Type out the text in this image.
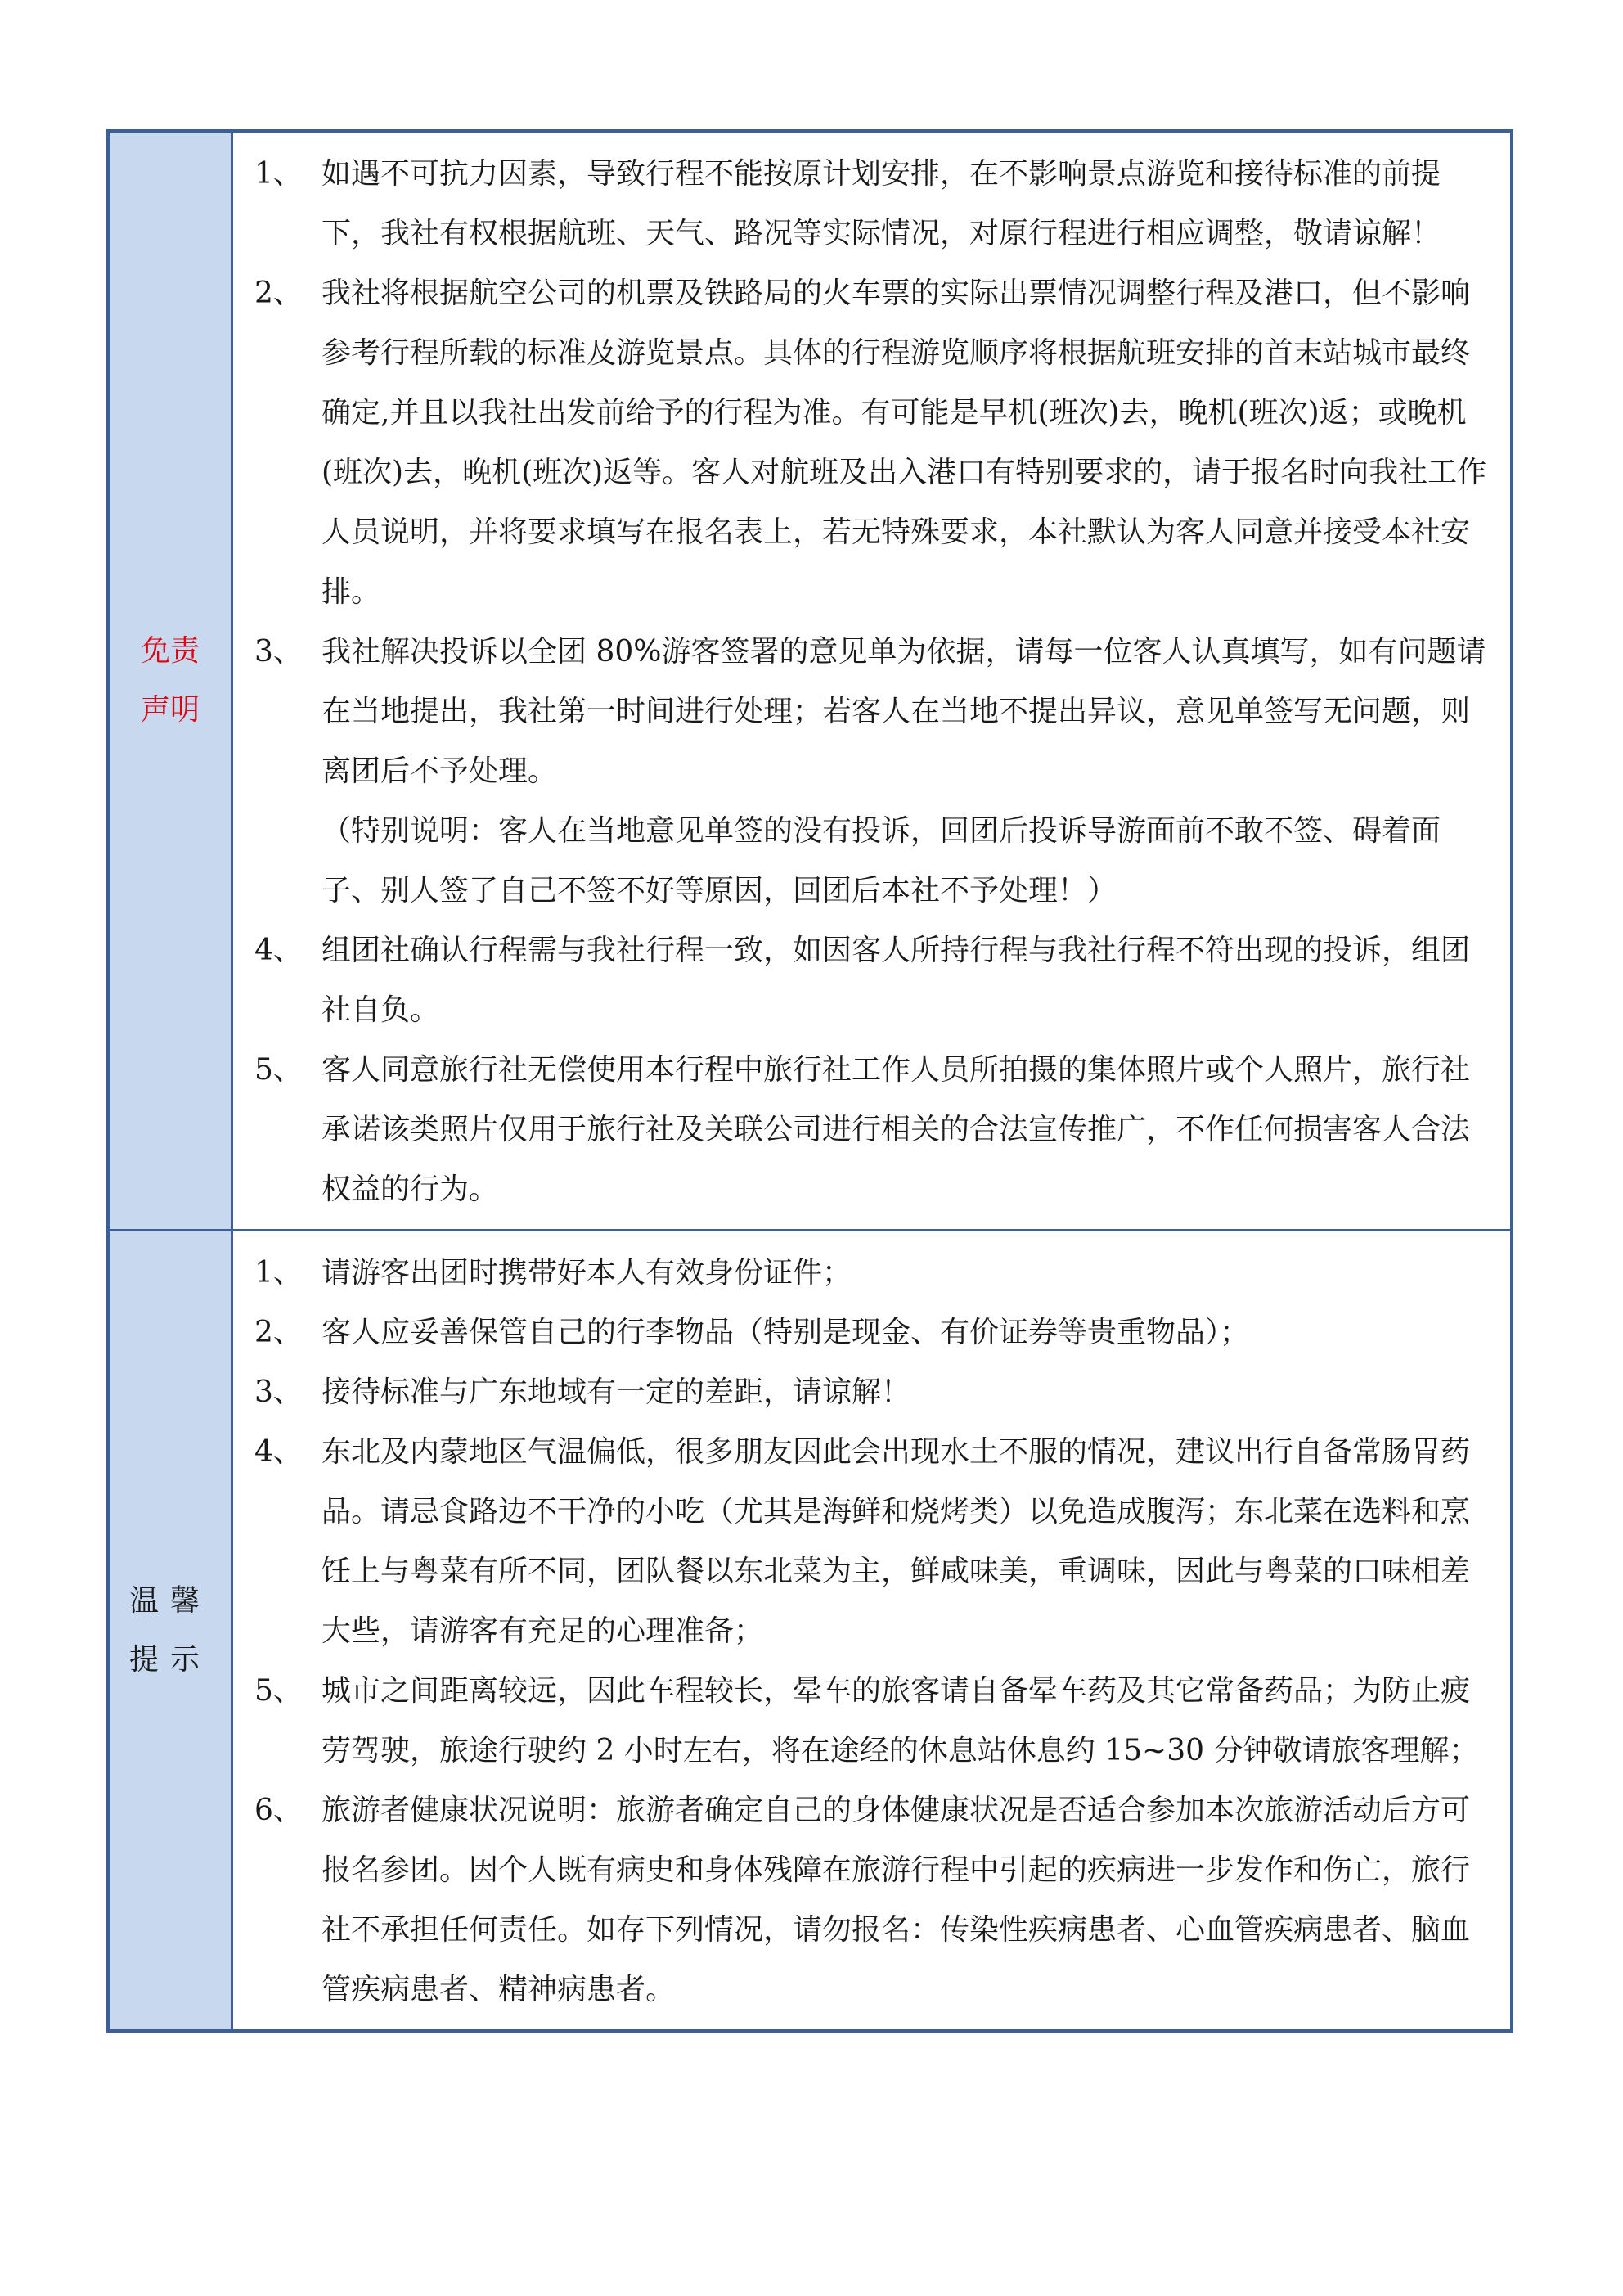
免责
声明
1、 如遇不可抗力因素，导致行程不能按原计划安排，在不影响景点游览和接待标准的前提下，我社有权根据航班、天气、路况等实际情况，对原行程进行相应调整，敬请谅解！
2、 我社将根据航空公司的机票及铁路局的火车票的实际出票情况调整行程及港口，但不影响参考行程所载的标准及游览景点。具体的行程游览顺序将根据航班安排的首末站城市最终确定,并且以我社出发前给予的行程为准。有可能是早机(班次)去，晚机(班次)返；或晚机(班次)去，晚机(班次)返等。客人对航班及出入港口有特别要求的，请于报名时向我社工作人员说明，并将要求填写在报名表上，若无特殊要求，本社默认为客人同意并接受本社安排。
3、 我社解决投诉以全团 80%游客签署的意见单为依据，请每一位客人认真填写，如有问题请在当地提出，我社第一时间进行处理；若客人在当地不提出异议，意见单签写无问题，则离团后不予处理。
（特别说明：客人在当地意见单签的没有投诉，回团后投诉导游面前不敢不签、碍着面子、别人签了自己不签不好等原因，回团后本社不予处理！）
4、 组团社确认行程需与我社行程一致，如因客人所持行程与我社行程不符出现的投诉，组团社自负。
5、 客人同意旅行社无偿使用本行程中旅行社工作人员所拍摄的集体照片或个人照片，旅行社承诺该类照片仅用于旅行社及关联公司进行相关的合法宣传推广，不作任何损害客人合法权益的行为。
温馨
提示
1、 请游客出团时携带好本人有效身份证件；
2、 客人应妥善保管自己的行李物品（特别是现金、有价证券等贵重物品）；
3、 接待标准与广东地域有一定的差距，请谅解！
4、 东北及内蒙地区气温偏低，很多朋友因此会出现水土不服的情况，建议出行自备常肠胃药品。请忌食路边不干净的小吃（尤其是海鲜和烧烤类）以免造成腹泻；东北菜在选料和烹饪上与粤菜有所不同，团队餐以东北菜为主，鲜咸味美，重调味，因此与粤菜的口味相差大些，请游客有充足的心理准备；
5、 城市之间距离较远，因此车程较长，晕车的旅客请自备晕车药及其它常备药品；为防止疲劳驾驶，旅途行驶约 2 小时左右，将在途经的休息站休息约 15~30 分钟敬请旅客理解；
6、 旅游者健康状况说明：旅游者确定自己的身体健康状况是否适合参加本次旅游活动后方可报名参团。因个人既有病史和身体残障在旅游行程中引起的疾病进一步发作和伤亡，旅行社不承担任何责任。如存下列情况，请勿报名：传染性疾病患者、心血管疾病患者、脑血管疾病患者、精神病患者。
